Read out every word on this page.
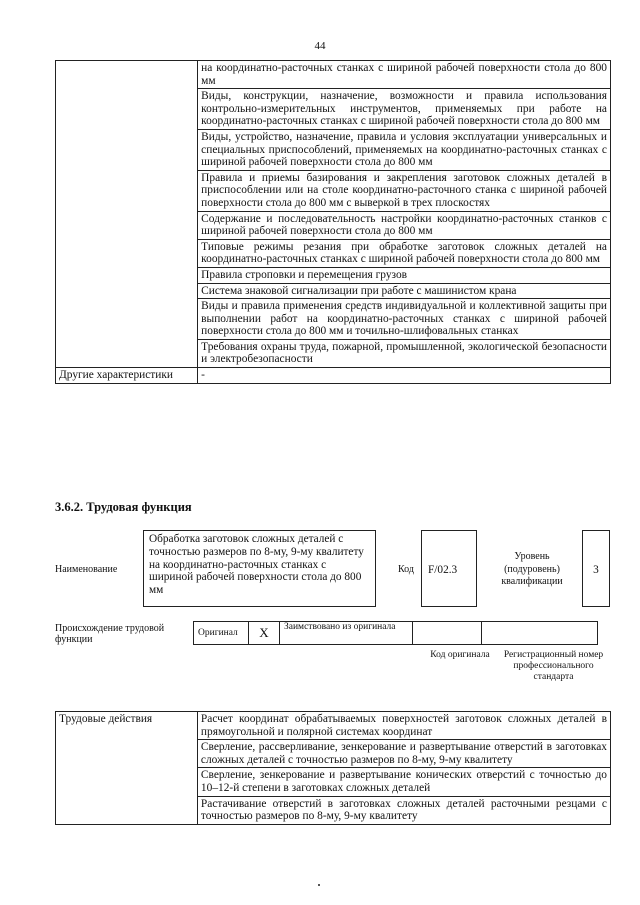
44
	на координатно-расточных станках с шириной рабочей поверхности стола до 800 мм
	Виды, конструкции, назначение, возможности и правила использования контрольно-измерительных инструментов, применяемых при работе на координатно-расточных станках с шириной рабочей поверхности стола до 800 мм
	Виды, устройство, назначение, правила и условия эксплуатации универсальных и специальных приспособлений, применяемых на координатно-расточных станках с шириной рабочей поверхности стола до 800 мм
	Правила и приемы базирования и закрепления заготовок сложных деталей в приспособлении или на столе координатно-расточного станка с шириной рабочей поверхности стола до 800 мм с выверкой в трех плоскостях
	Содержание и последовательность настройки координатно-расточных станков с шириной рабочей поверхности стола до 800 мм
	Типовые режимы резания при обработке заготовок сложных деталей на координатно-расточных станках с шириной рабочей поверхности стола до 800 мм
	Правила строповки и перемещения грузов
	Система знаковой сигнализации при работе с машинистом крана
	Виды и правила применения средств индивидуальной и коллективной защиты при выполнении работ на координатно-расточных станках с шириной рабочей поверхности стола до 800 мм и точильно-шлифовальных станках
	Требования охраны труда, пожарной, промышленной, экологической безопасности и электробезопасности
Другие характеристики	-
3.6.2. Трудовая функция
Наименование
Обработка заготовок сложных деталей с точностью размеров по 8-му, 9-му квалитету на координатно-расточных станках с шириной рабочей поверхности стола до 800 мм
Код	F/02.3
Уровень (подуровень) квалификации
3
Происхождение трудовой функции
Оригинал	X	Заимствовано из оригинала		
Код оригинала	Регистрационный номер профессионального стандарта
Трудовые действия	Расчет координат обрабатываемых поверхностей заготовок сложных деталей в прямоугольной и полярной системах координат
Сверление, рассверливание, зенкерование и развертывание отверстий в заготовках сложных деталей с точностью размеров по 8-му, 9-му квалитету
Сверление, зенкерование и развертывание конических отверстий с точностью до 10–12-й степени в заготовках сложных деталей
Растачивание отверстий в заготовках сложных деталей расточными резцами с точностью размеров по 8-му, 9-му квалитету
